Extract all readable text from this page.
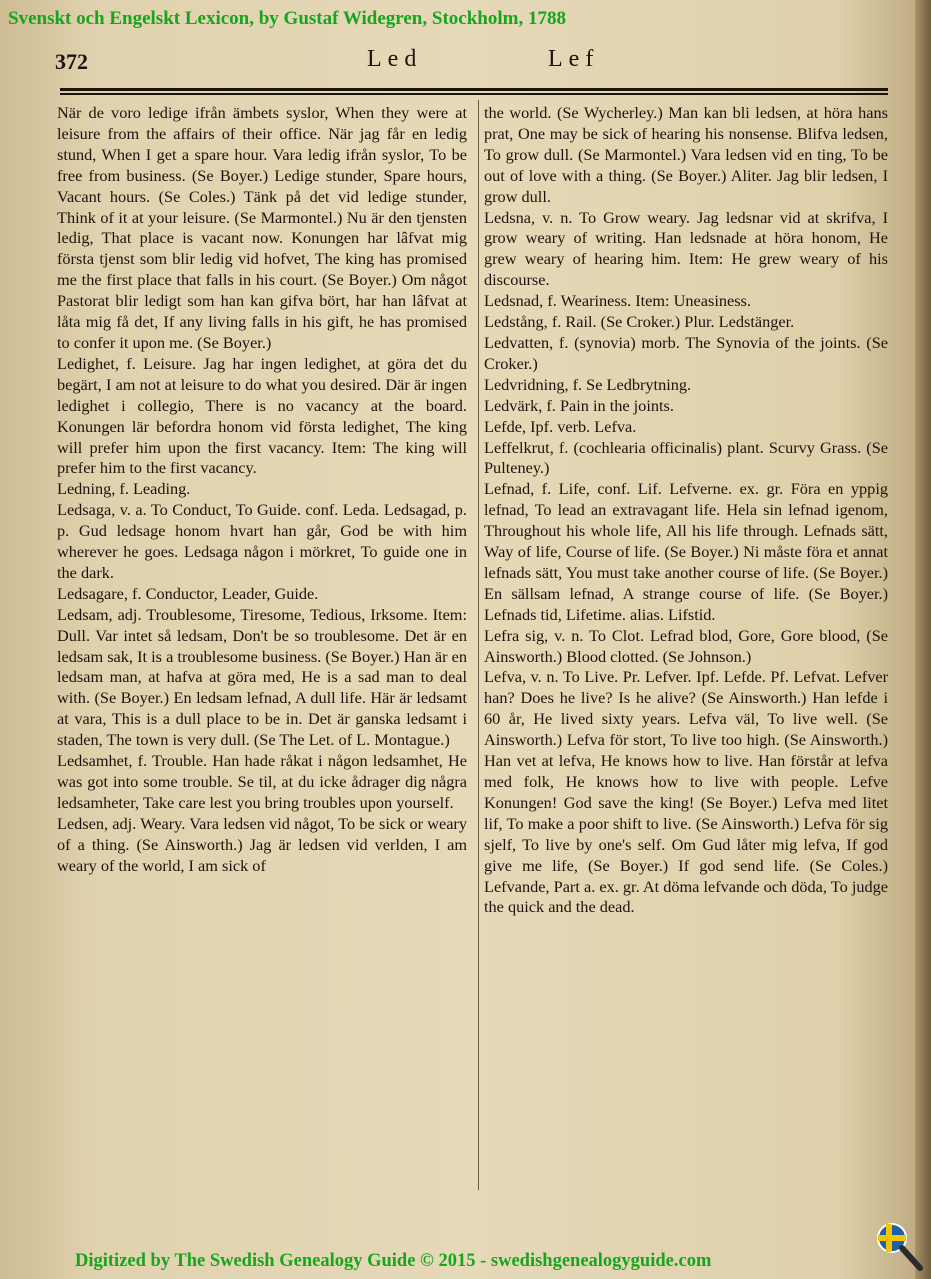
Svenskt och Engelskt Lexicon, by Gustaf Widegren, Stockholm, 1788
372	Led	Lef

När de voro ledige ifrån ämbets syslor, When they were at leisure from the affairs of their office. När jag får en ledig stund, When I get a spare hour. Vara ledig ifrån syslor, To be free from business. (Se Boyer.) Ledige stunder, Spare hours, Vacant hours. (Se Coles.) Tänk på det vid ledige stunder, Think of it at your leisure. (Se Marmontel.) Nu är den tjensten ledig, That place is vacant now. Konungen har lâfvat mig första tjenst som blir ledig vid hofvet, The king has promised me the first place that falls in his court. (Se Boyer.) Om något Pastorat blir ledigt som han kan gifva bört, har han lâfvat at låta mig få det, If any living falls in his gift, he has promised to confer it upon me. (Se Boyer.)

Ledighet, f. Leisure. Jag har ingen ledighet, at göra det du begärt, I am not at leisure to do what you desired. Där är ingen ledighet i collegio, There is no vacancy at the board. Konungen lär befordra honom vid första ledighet, The king will prefer him upon the first vacancy. Item: The king will prefer him to the first vacancy.

Ledning, f. Leading.

Ledsaga, v. a. To Conduct, To Guide. conf. Leda. Ledsagad, p. p. Gud ledsage honom hvart han går, God be with him wherever he goes. Ledsaga någon i mörkret, To guide one in the dark.

Ledsagare, f. Conductor, Leader, Guide.

Ledsam, adj. Troublesome, Tiresome, Tedious, Irksome. Item: Dull. Var intet så ledsam, Don't be so troublesome. Det är en ledsam sak, It is a troublesome business. (Se Boyer.) Han är en ledsam man, at hafva at göra med, He is a sad man to deal with. (Se Boyer.) En ledsam lefnad, A dull life. Här är ledsamt at vara, This is a dull place to be in. Det är ganska ledsamt i staden, The town is very dull. (Se The Let. of L. Montague.)

Ledsamhet, f. Trouble. Han hade råkat i någon ledsamhet, He was got into some trouble. Se til, at du icke ådrager dig några ledsamheter, Take care lest you bring troubles upon yourself.

Ledsen, adj. Weary. Vara ledsen vid något, To be sick or weary of a thing. (Se Ainsworth.) Jag är ledsen vid verlden, I am weary of the world, I am sick of

the world. (Se Wycherley.) Man kan bli ledsen, at höra hans prat, One may be sick of hearing his nonsense. Blifva ledsen, To grow dull. (Se Marmontel.) Vara ledsen vid en ting, To be out of love with a thing. (Se Boyer.) Aliter. Jag blir ledsen, I grow dull.

Ledsna, v. n. To Grow weary. Jag ledsnar vid at skrifva, I grow weary of writing. Han ledsnade at höra honom, He grew weary of hearing him. Item: He grew weary of his discourse.

Ledsnad, f. Weariness. Item: Uneasiness.

Ledstång, f. Rail. (Se Croker.) Plur. Ledstänger.

Ledvatten, f. (synovia) morb. The Synovia of the joints. (Se Croker.)

Ledvridning, f. Se Ledbrytning.

Ledvärk, f. Pain in the joints.

Lefde, Ipf. verb. Lefva.

Leffelkrut, f. (cochlearia officinalis) plant. Scurvy Grass. (Se Pulteney.)

Lefnad, f. Life, conf. Lif. Lefverne. ex. gr. Föra en yppig lefnad, To lead an extravagant life. Hela sin lefnad igenom, Throughout his whole life, All his life through. Lefnads sätt, Way of life, Course of life. (Se Boyer.) Ni måste föra et annat lefnads sätt, You must take another course of life. (Se Boyer.) En sällsam lefnad, A strange course of life. (Se Boyer.) Lefnads tid, Lifetime. alias. Lifstid.

Lefra sig, v. n. To Clot. Lefrad blod, Gore, Gore blood, (Se Ainsworth.) Blood clotted. (Se Johnson.)

Lefva, v. n. To Live. Pr. Lefver. Ipf. Lefde. Pf. Lefvat. Lefver han? Does he live? Is he alive? (Se Ainsworth.) Han lefde i 60 år, He lived sixty years. Lefva väl, To live well. (Se Ainsworth.) Lefva för stort, To live too high. (Se Ainsworth.) Han vet at lefva, He knows how to live. Han förstår at lefva med folk, He knows how to live with people. Lefve Konungen! God save the king! (Se Boyer.) Lefva med litet lif, To make a poor shift to live. (Se Ainsworth.) Lefva för sig sjelf, To live by one's self. Om Gud låter mig lefva, If god give me life, (Se Boyer.) If god send life. (Se Coles.) Lefvande, Part a. ex. gr. At döma lefvande och döda, To judge the quick and the dead.

Digitized by The Swedish Genealogy Guide © 2015 - swedishgenealogyguide.com
